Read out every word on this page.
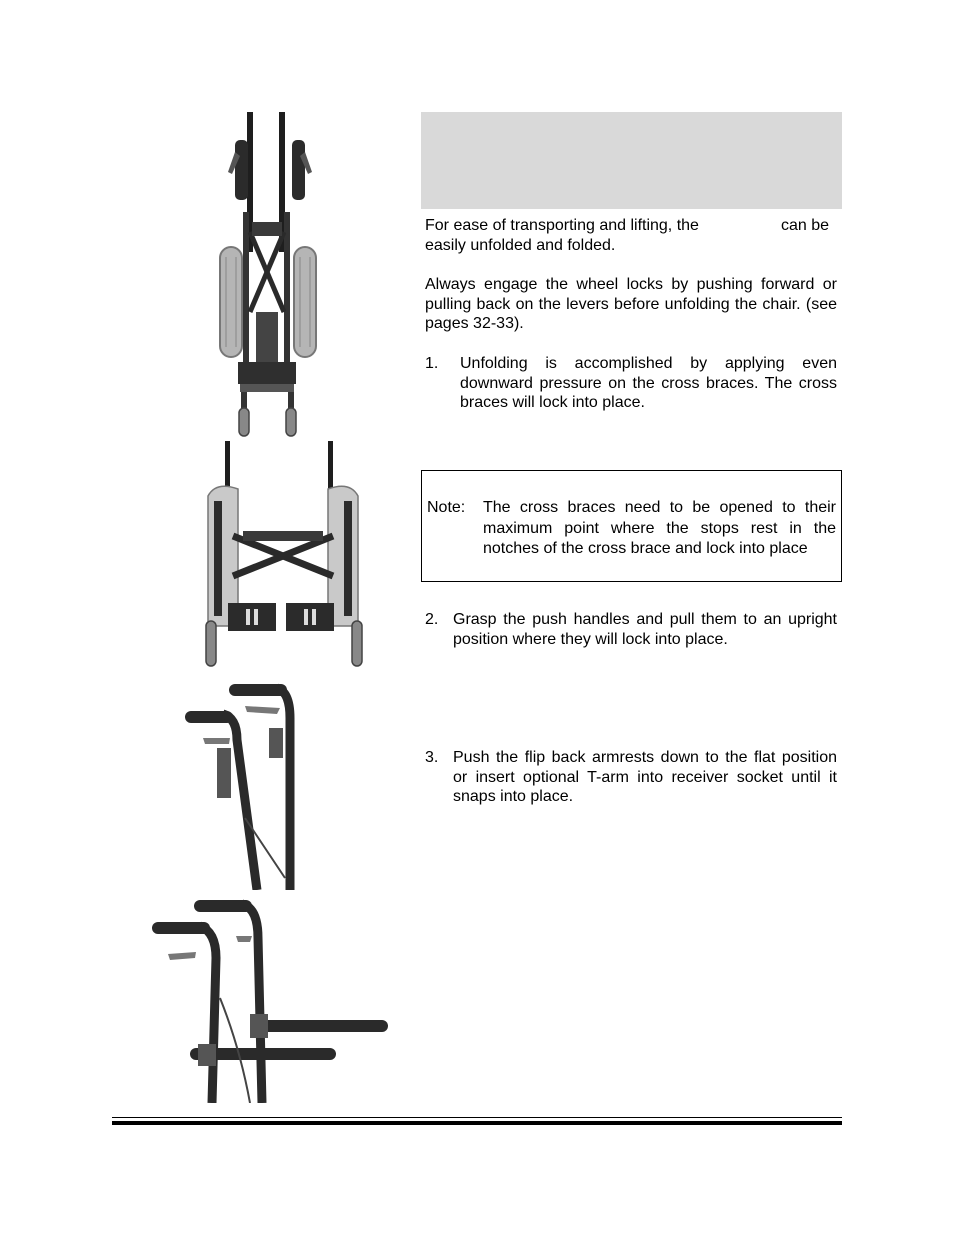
For ease of transporting and lifting, the	can be
easily unfolded and folded.

Always engage the wheel locks by pushing forward or pulling back on the levers before unfolding the chair. (see pages 32-33).

1. Unfolding is accomplished by applying even downward pressure on the cross braces. The cross braces will lock into place.
Note: The cross braces need to be opened to their maximum point where the stops rest in the notches of the cross brace and lock into place
2. Grasp the push handles and pull them to an upright position where they will lock into place.
3. Push the flip back armrests down to the flat position or insert optional T-arm into receiver socket until it snaps into place.
